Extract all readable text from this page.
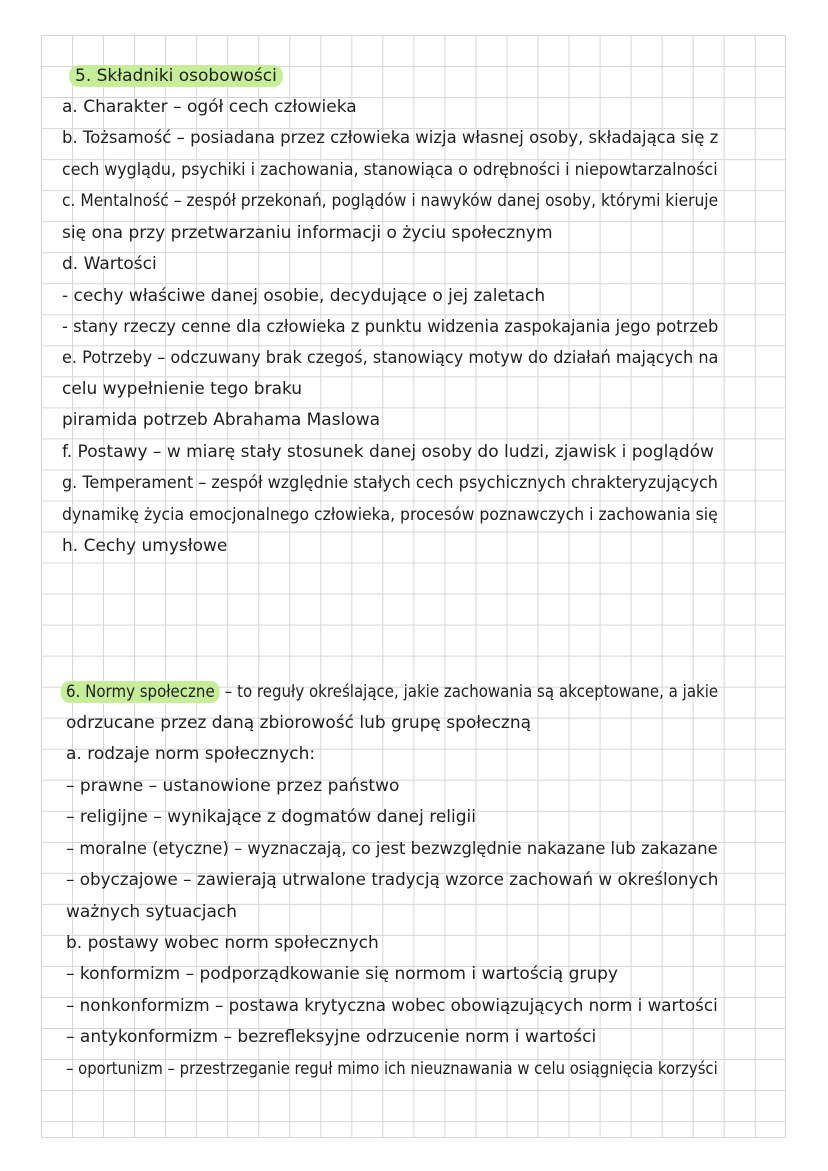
5. Składniki osobowości
a. Charakter – ogół cech człowieka
b. Tożsamość – posiadana przez człowieka wizja własnej osoby, składająca się z
cech wyglądu, psychiki i zachowania, stanowiąca o odrębności i niepowtarzalności
c. Mentalność – zespół przekonań, poglądów i nawyków danej osoby, którymi kieruje
się ona przy przetwarzaniu informacji o życiu społecznym
d. Wartości
- cechy właściwe danej osobie, decydujące o jej zaletach
- stany rzeczy cenne dla człowieka z punktu widzenia zaspokajania jego potrzeb
e. Potrzeby – odczuwany brak czegoś, stanowiący motyw do działań mających na
celu wypełnienie tego braku
piramida potrzeb Abrahama Maslowa
f. Postawy – w miarę stały stosunek danej osoby do ludzi, zjawisk i poglądów
g. Temperament – zespół względnie stałych cech psychicznych chrakteryzujących
dynamikę życia emocjonalnego człowieka, procesów poznawczych i zachowania się
h. Cechy umysłowe
6. Normy społeczne – to reguły określające, jakie zachowania są akceptowane, a jakie
odrzucane przez daną zbiorowość lub grupę społeczną
a. rodzaje norm społecznych:
– prawne – ustanowione przez państwo
– religijne – wynikające z dogmatów danej religii
– moralne (etyczne) – wyznaczają, co jest bezwzględnie nakazane lub zakazane
– obyczajowe – zawierają utrwalone tradycją wzorce zachowań w określonych
ważnych sytuacjach
b. postawy wobec norm społecznych
– konformizm – podporządkowanie się normom i wartością grupy
– nonkonformizm – postawa krytyczna wobec obowiązujących norm i wartości
– antykonformizm – bezrefleksyjne odrzucenie norm i wartości
– oportunizm – przestrzeganie reguł mimo ich nieuznawania w celu osiągnięcia korzyści
